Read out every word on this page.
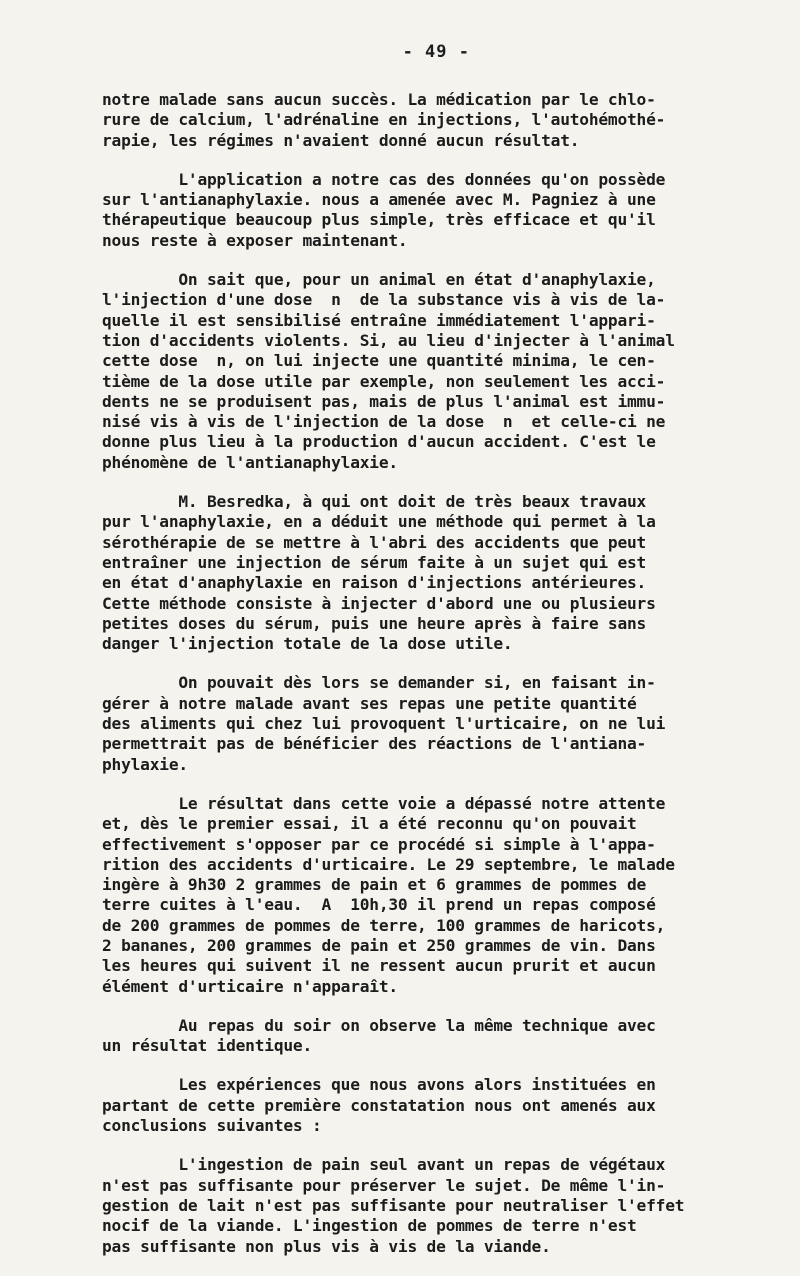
- 49 -

notre malade sans aucun succès. La médication par le chlo-

rure de calcium, l'adrénaline en injections, l'autohémothé-

rapie, les régimes n'avaient donné aucun résultat.

L'application a notre cas des données qu'on possède

sur l'antianaphylaxie. nous a amenée avec M. Pagniez à une

thérapeutique beaucoup plus simple, très efficace et qu'il

nous reste à exposer maintenant.

On sait que, pour un animal en état d'anaphylaxie,

l'injection d'une dose  n  de la substance vis à vis de la-

quelle il est sensibilisé entraîne immédiatement l'appari-

tion d'accidents violents. Si, au lieu d'injecter à l'animal

cette dose  n, on lui injecte une quantité minima, le cen-

tième de la dose utile par exemple, non seulement les acci-

dents ne se produisent pas, mais de plus l'animal est immu-

nisé vis à vis de l'injection de la dose  n  et celle-ci ne

donne plus lieu à la production d'aucun accident. C'est le

phénomène de l'antianaphylaxie.

M. Besredka, à qui ont doit de très beaux travaux

pur l'anaphylaxie, en a déduit une méthode qui permet à la

sérothérapie de se mettre à l'abri des accidents que peut

entraîner une injection de sérum faite à un sujet qui est

en état d'anaphylaxie en raison d'injections antérieures.

Cette méthode consiste à injecter d'abord une ou plusieurs

petites doses du sérum, puis une heure après à faire sans

danger l'injection totale de la dose utile.

On pouvait dès lors se demander si, en faisant in-

gérer à notre malade avant ses repas une petite quantité

des aliments qui chez lui provoquent l'urticaire, on ne lui

permettrait pas de bénéficier des réactions de l'antiana-

phylaxie.

Le résultat dans cette voie a dépassé notre attente

et, dès le premier essai, il a été reconnu qu'on pouvait

effectivement s'opposer par ce procédé si simple à l'appa-

rition des accidents d'urticaire. Le 29 septembre, le malade

ingère à 9h30 2 grammes de pain et 6 grammes de pommes de

terre cuites à l'eau.  A  10h,30 il prend un repas composé

de 200 grammes de pommes de terre, 100 grammes de haricots,

2 bananes, 200 grammes de pain et 250 grammes de vin. Dans

les heures qui suivent il ne ressent aucun prurit et aucun

élément d'urticaire n'apparaît.

Au repas du soir on observe la même technique avec

un résultat identique.

Les expériences que nous avons alors instituées en

partant de cette première constatation nous ont amenés aux

conclusions suivantes :

L'ingestion de pain seul avant un repas de végétaux

n'est pas suffisante pour préserver le sujet. De même l'in-

gestion de lait n'est pas suffisante pour neutraliser l'effet

nocif de la viande. L'ingestion de pommes de terre n'est

pas suffisante non plus vis à vis de la viande.
